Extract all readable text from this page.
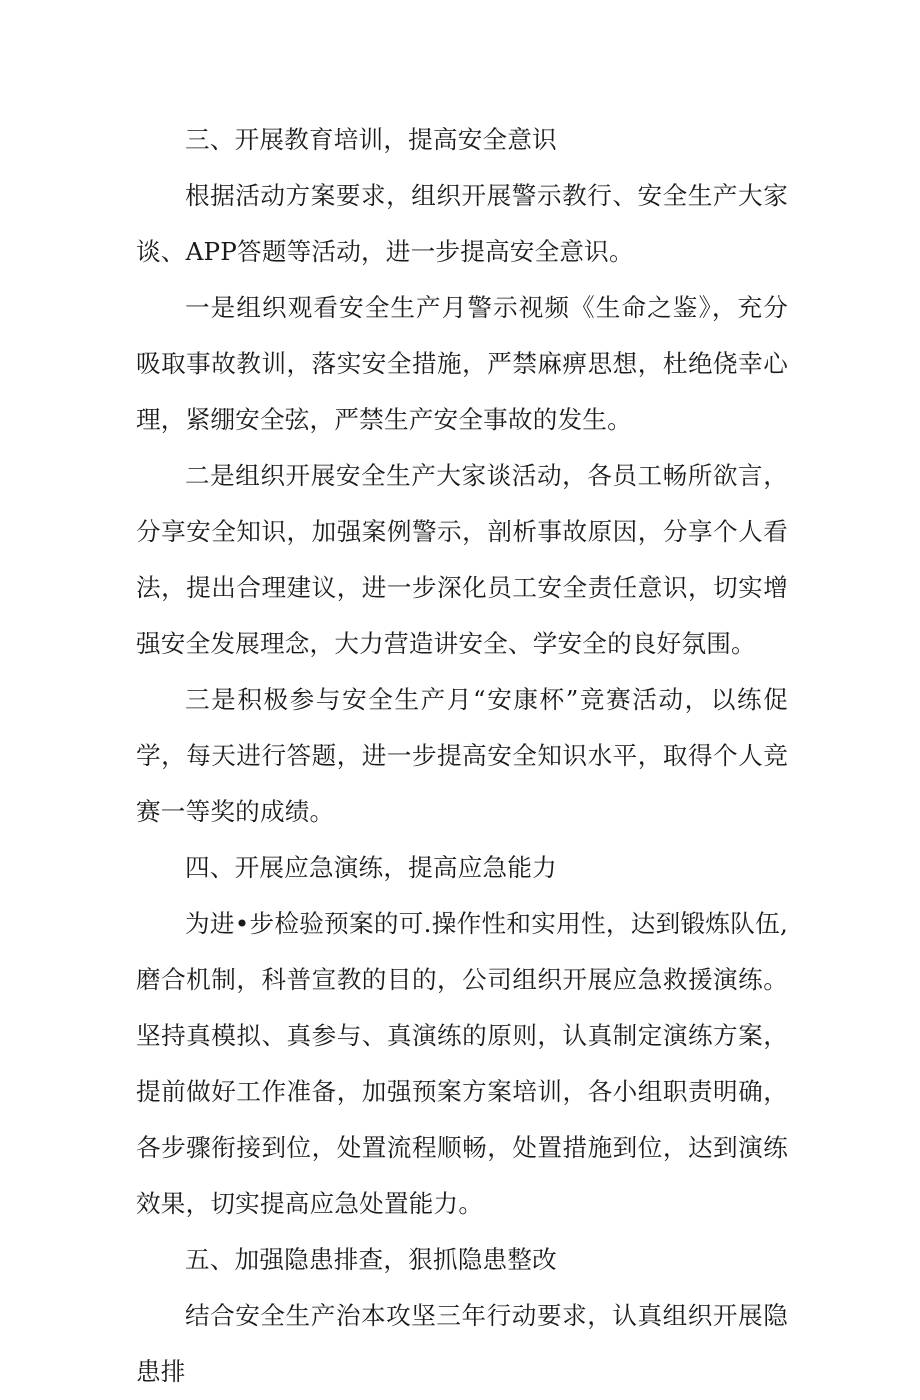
三、开展教育培训，提高安全意识

根据活动方案要求，组织开展警示教行、安全生产大家谈、APP答题等活动，进一步提高安全意识。

一是组织观看安全生产月警示视频《生命之鉴》，充分吸取事故教训，落实安全措施，严禁麻痹思想，杜绝侥幸心理，紧绷安全弦，严禁生产安全事故的发生。

二是组织开展安全生产大家谈活动，各员工畅所欲言，分享安全知识，加强案例警示，剖析事故原因，分享个人看法，提出合理建议，进一步深化员工安全责任意识，切实增强安全发展理念，大力营造讲安全、学安全的良好氛围。

三是积极参与安全生产月“安康杯”竞赛活动，以练促学，每天进行答题，进一步提高安全知识水平，取得个人竞赛一等奖的成绩。

四、开展应急演练，提高应急能力

为进•步检验预案的可.操作性和实用性，达到锻炼队伍,磨合机制，科普宣教的目的，公司组织开展应急救援演练。坚持真模拟、真参与、真演练的原则，认真制定演练方案，提前做好工作准备，加强预案方案培训，各小组职责明确，各步骤衔接到位，处置流程顺畅，处置措施到位，达到演练效果，切实提高应急处置能力。

五、加强隐患排查，狠抓隐患整改

结合安全生产治本攻坚三年行动要求，认真组织开展隐患排
